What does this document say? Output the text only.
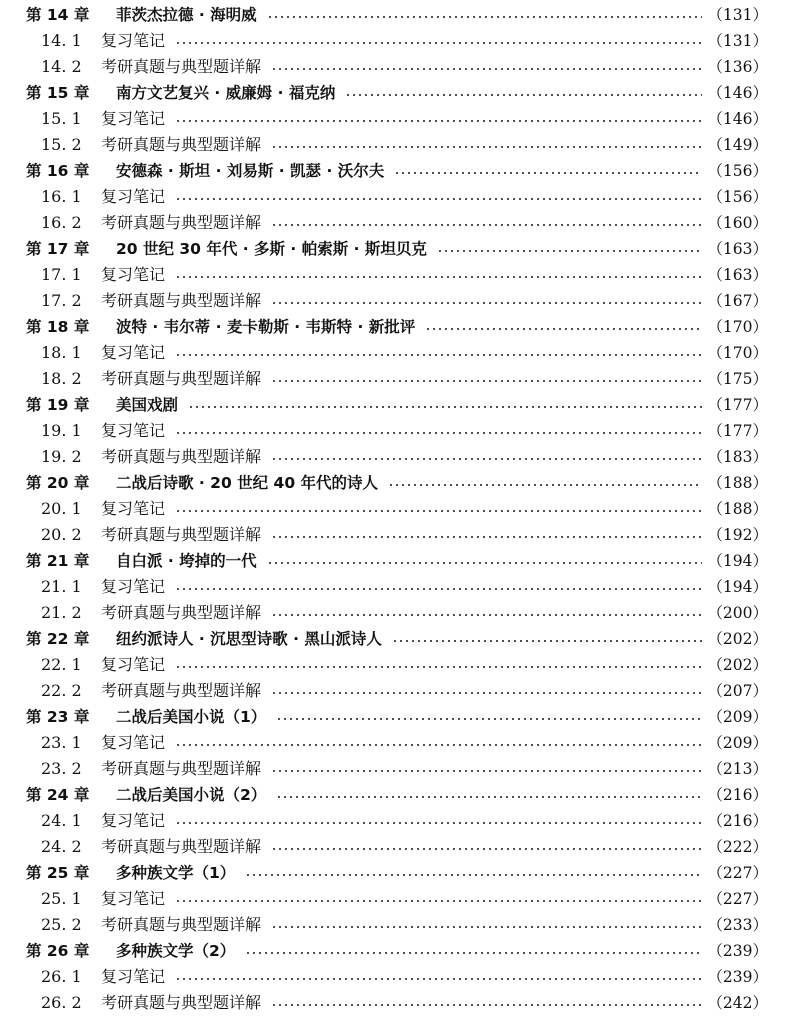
第 14 章	菲茨杰拉德 · 海明威	（131）
14. 1	复习笔记	（131）
14. 2	考研真题与典型题详解	（136）
第 15 章	南方文艺复兴 · 威廉姆 · 福克纳	（146）
15. 1	复习笔记	（146）
15. 2	考研真题与典型题详解	（149）
第 16 章	安德森 · 斯坦 · 刘易斯 · 凯瑟 · 沃尔夫	（156）
16. 1	复习笔记	（156）
16. 2	考研真题与典型题详解	（160）
第 17 章	20 世纪 30 年代 · 多斯 · 帕索斯 · 斯坦贝克	（163）
17. 1	复习笔记	（163）
17. 2	考研真题与典型题详解	（167）
第 18 章	波特 · 韦尔蒂 · 麦卡勒斯 · 韦斯特 · 新批评	（170）
18. 1	复习笔记	（170）
18. 2	考研真题与典型题详解	（175）
第 19 章	美国戏剧	（177）
19. 1	复习笔记	（177）
19. 2	考研真题与典型题详解	（183）
第 20 章	二战后诗歌 · 20 世纪 40 年代的诗人	（188）
20. 1	复习笔记	（188）
20. 2	考研真题与典型题详解	（192）
第 21 章	自白派 · 垮掉的一代	（194）
21. 1	复习笔记	（194）
21. 2	考研真题与典型题详解	（200）
第 22 章	纽约派诗人 · 沉思型诗歌 · 黑山派诗人	（202）
22. 1	复习笔记	（202）
22. 2	考研真题与典型题详解	（207）
第 23 章	二战后美国小说（1）	（209）
23. 1	复习笔记	（209）
23. 2	考研真题与典型题详解	（213）
第 24 章	二战后美国小说（2）	（216）
24. 1	复习笔记	（216）
24. 2	考研真题与典型题详解	（222）
第 25 章	多种族文学（1）	（227）
25. 1	复习笔记	（227）
25. 2	考研真题与典型题详解	（233）
第 26 章	多种族文学（2）	（239）
26. 1	复习笔记	（239）
26. 2	考研真题与典型题详解	（242）
